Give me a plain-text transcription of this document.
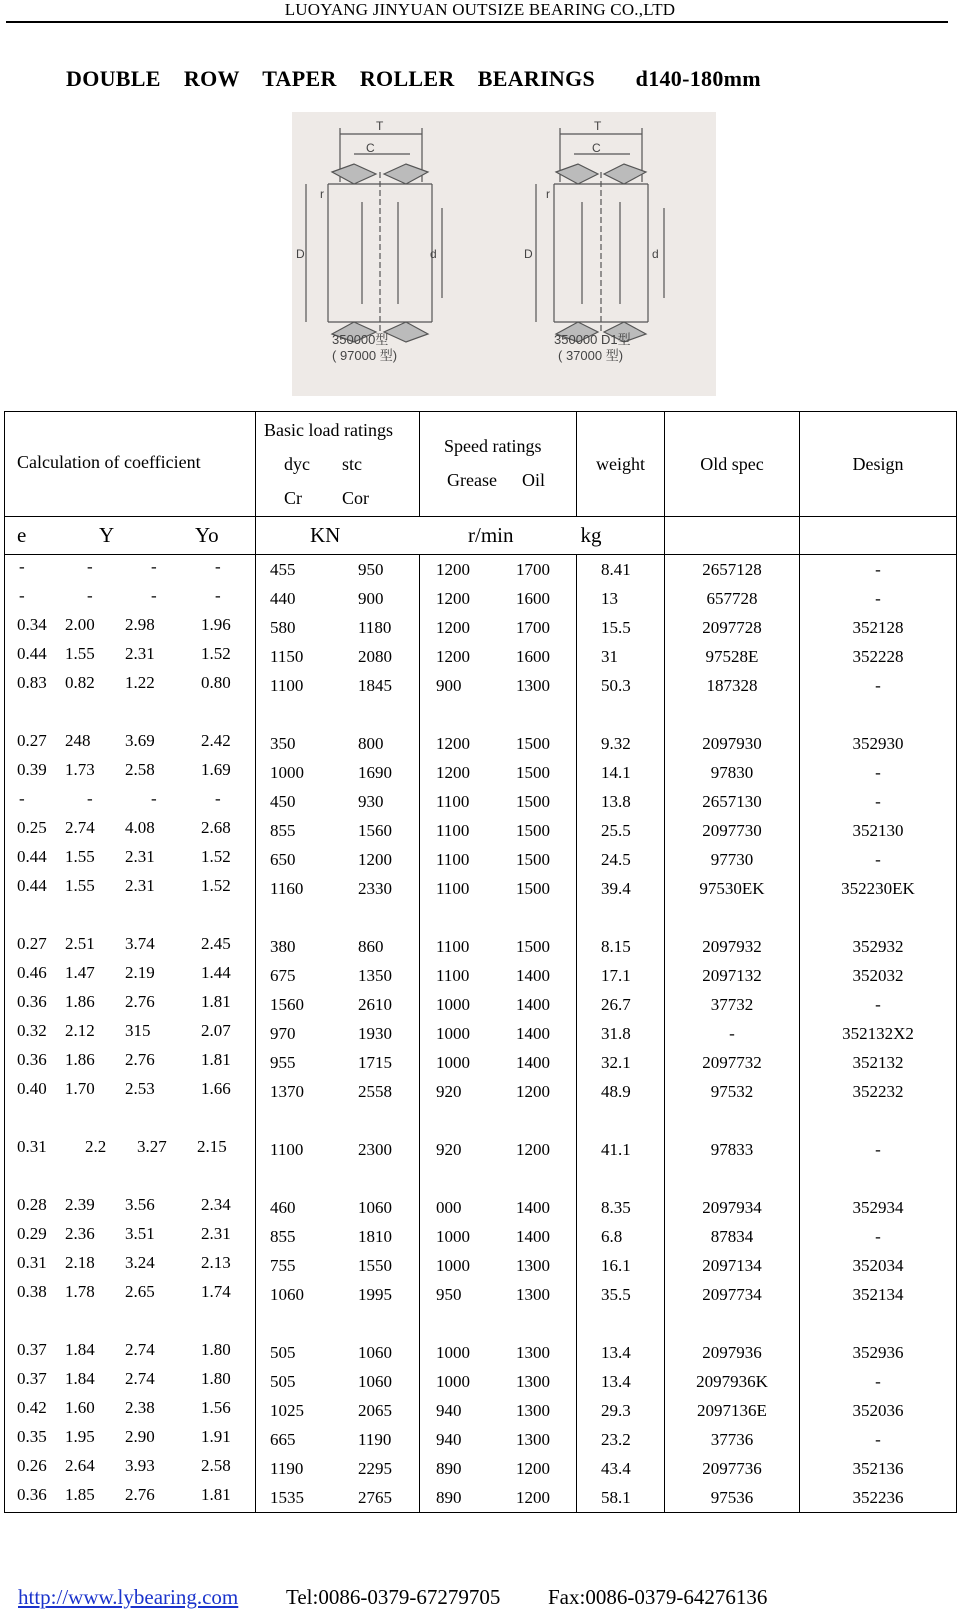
LUOYANG JINYUAN OUTSIZE BEARING CO.,LTD
DOUBLE    ROW    TAPER    ROLLER    BEARINGS       d140-180mm
T
C
D	d
r
350000型
( 97000 型)
T
C
D	d
r
350000 D1型
( 37000 型)
Calculation of coefficient	Basic load ratings
dyc stc
Cr Cor	Speed ratings
Grease Oil	weight	Old spec	Design

e Y Yo	KN r/min		kg		

- - - -	455 950	1200 1700	8.41	2657128	-

- - - -	440 900	1200 1600	13	657728	-

0.34 2.00 2.98 1.96	580 1180	1200 1700	15.5	2097728	352128

0.44 1.55 2.31 1.52	1150 2080	1200 1600	31	97528E	352228

0.83 0.82 1.22 0.80	1100 1845	900 1300	50.3	187328	-

0.27 248 3.69 2.42	350 800	1200 1500	9.32	2097930	352930

0.39 1.73 2.58 1.69	1000 1690	1200 1500	14.1	97830	-

- - - -	450 930	1100 1500	13.8	2657130	-

0.25 2.74 4.08 2.68	855 1560	1100 1500	25.5	2097730	352130

0.44 1.55 2.31 1.52	650 1200	1100 1500	24.5	97730	-

0.44 1.55 2.31 1.52	1160 2330	1100 1500	39.4	97530EK	352230EK

0.27 2.51 3.74 2.45	380 860	1100 1500	8.15	2097932	352932

0.46 1.47 2.19 1.44	675 1350	1100 1400	17.1	2097132	352032

0.36 1.86 2.76 1.81	1560 2610	1000 1400	26.7	37732	-

0.32 2.12 315 2.07	970 1930	1000 1400	31.8	-	352132X2

0.36 1.86 2.76 1.81	955 1715	1000 1400	32.1	2097732	352132

0.40 1.70 2.53 1.66	1370 2558	920 1200	48.9	97532	352232

0.31 2.2 3.27 2.15	1100 2300	920 1200	41.1	97833	-

0.28 2.39 3.56 2.34	460 1060	000 1400	8.35	2097934	352934

0.29 2.36 3.51 2.31	855 1810	1000 1400	6.8	87834	-

0.31 2.18 3.24 2.13	755 1550	1000 1300	16.1	2097134	352034

0.38 1.78 2.65 1.74	1060 1995	950 1300	35.5	2097734	352134

0.37 1.84 2.74 1.80	505 1060	1000 1300	13.4	2097936	352936

0.37 1.84 2.74 1.80	505 1060	1000 1300	13.4	2097936K	-

0.42 1.60 2.38 1.56	1025 2065	940 1300	29.3	2097136E	352036

0.35 1.95 2.90 1.91	665 1190	940 1300	23.2	37736	-

0.26 2.64 3.93 2.58	1190 2295	890 1200	43.4	2097736	352136

0.36 1.85 2.76 1.81	1535 2765	890 1200	58.1	97536	352236
http://www.lybearing.com Tel:0086-0379-67279705 Fax:0086-0379-64276136
